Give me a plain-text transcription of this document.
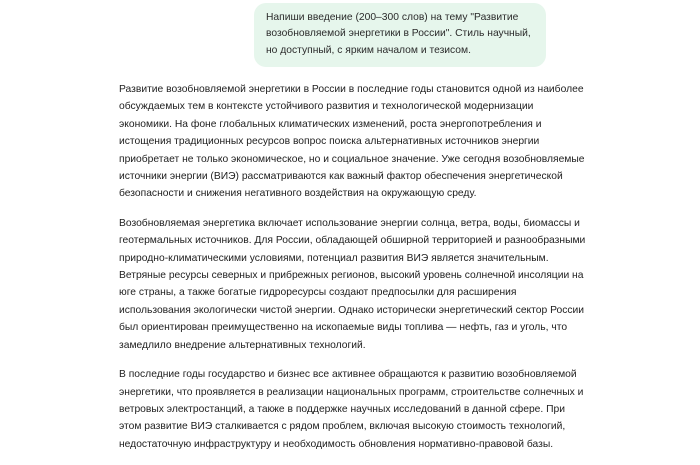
Напиши введение (200–300 слов) на тему "Развитие возобновляемой энергетики в России". Стиль научный, но доступный, с ярким началом и тезисом.

Развитие возобновляемой энергетики в России в последние годы становится одной из наиболее обсуждаемых тем в контексте устойчивого развития и технологической модернизации экономики. На фоне глобальных климатических изменений, роста энергопотребления и истощения традиционных ресурсов вопрос поиска альтернативных источников энергии приобретает не только экономическое, но и социальное значение. Уже сегодня возобновляемые источники энергии (ВИЭ) рассматриваются как важный фактор обеспечения энергетической безопасности и снижения негативного воздействия на окружающую среду.

Возобновляемая энергетика включает использование энергии солнца, ветра, воды, биомассы и геотермальных источников. Для России, обладающей обширной территорией и разнообразными природно-климатическими условиями, потенциал развития ВИЭ является значительным. Ветряные ресурсы северных и прибрежных регионов, высокий уровень солнечной инсоляции на юге страны, а также богатые гидроресурсы создают предпосылки для расширения использования экологически чистой энергии. Однако исторически энергетический сектор России был ориентирован преимущественно на ископаемые виды топлива — нефть, газ и уголь, что замедлило внедрение альтернативных технологий.

В последние годы государство и бизнес все активнее обращаются к развитию возобновляемой энергетики, что проявляется в реализации национальных программ, строительстве солнечных и ветровых электростанций, а также в поддержке научных исследований в данной сфере. При этом развитие ВИЭ сталкивается с рядом проблем, включая высокую стоимость технологий, недостаточную инфраструктуру и необходимость обновления нормативно-правовой базы.
